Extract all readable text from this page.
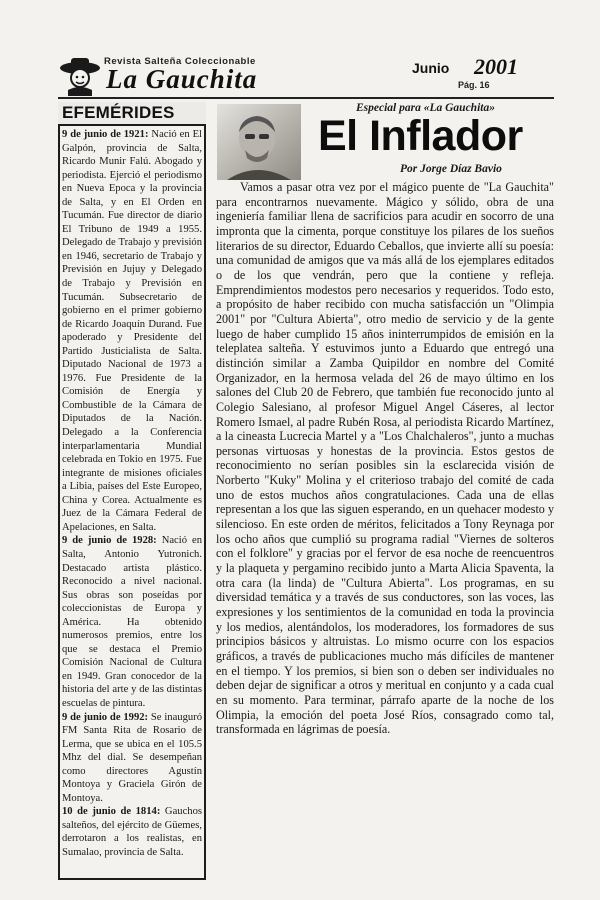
Revista Salteña Coleccionable
La Gauchita	Junio 2001
Pág. 16
EFEMÉRIDES

9 de junio de 1921: Nació en El Galpón, provincia de Salta, Ricardo Munir Falú. Abogado y periodista. Ejerció el periodismo en Nueva Epoca y la provincia de Salta, y en El Orden en Tucumán. Fue director de diario El Tribuno de 1949 a 1955. Delegado de Trabajo y previsión en 1946, secretario de Trabajo y Previsión en Jujuy y Delegado de Trabajo y Previsión en Tucumán. Subsecretario de gobierno en el primer gobierno de Ricardo Joaquín Durand. Fue apoderado y Presidente del Partido Justicialista de Salta. Diputado Nacional de 1973 a 1976. Fue Presidente de la Comisión de Energía y Combustible de la Cámara de Diputados de la Nación. Delegado a la Conferencia interparlamentaria Mundial celebrada en Tokio en 1975. Fue integrante de misiones oficiales a Libia, países del Este Europeo, China y Corea. Actualmente es Juez de la Cámara Federal de Apelaciones, en Salta.

9 de junio de 1928: Nació en Salta, Antonio Yutronich. Destacado artista plástico. Reconocido a nivel nacional. Sus obras son poseídas por coleccionistas de Europa y América. Ha obtenido numerosos premios, entre los que se destaca el Premio Comisión Nacional de Cultura en 1949. Gran conocedor de la historia del arte y de las distintas escuelas de pintura.

9 de junio de 1992: Se inauguró FM Santa Rita de Rosario de Lerma, que se ubica en el 105.5 Mhz del dial. Se desempeñan como directores Agustín Montoya y Graciela Girón de Montoya.

10 de junio de 1814: Gauchos salteños, del ejército de Güemes, derrotaron a los realistas, en Sumalao, provincia de Salta.

Especial para «La Gauchita»
El Inflador
Por Jorge Díaz Bavio

Vamos a pasar otra vez por el mágico puente de "La Gauchita" para encontrarnos nuevamente. Mágico y sólido, obra de una ingeniería familiar llena de sacrificios para acudir en socorro de una impronta que la cimenta, porque constituye los pilares de los sueños literarios de su director, Eduardo Ceballos, que invierte allí su poesía: una comunidad de amigos que va más allá de los ejemplares editados o de los que vendrán, pero que la contiene y refleja. Emprendimientos modestos pero necesarios y requeridos. Todo esto, a propósito de haber recibido con mucha satisfacción un "Olimpia 2001" por "Cultura Abierta", otro medio de servicio y de la gente luego de haber cumplido 15 años ininterrumpidos de emisión en la teleplatea salteña. Y estuvimos junto a Eduardo que entregó una distinción similar a Zamba Quipildor en nombre del Comité Organizador, en la hermosa velada del 26 de mayo último en los salones del Club 20 de Febrero, que también fue reconocido junto al Colegio Salesiano, al profesor Miguel Angel Cáseres, al lector Romero Ismael, al padre Rubén Rosa, al periodista Ricardo Martínez, a la cineasta Lucrecia Martel y a "Los Chalchaleros", junto a muchas personas virtuosas y honestas de la provincia. Estos gestos de reconocimiento no serían posibles sin la esclarecida visión de Norberto "Kuky" Molina y el criterioso trabajo del comité de cada uno de estos muchos años congratulaciones. Cada una de ellas representan a los que las siguen esperando, en un quehacer modesto y silencioso. En este orden de méritos, felicitados a Tony Reynaga por los ocho años que cumplió su programa radial "Viernes de solteros con el folklore" y gracias por el fervor de esa noche de reencuentros y la plaqueta y pergamino recibido junto a Marta Alicia Spaventa, la otra cara (la linda) de "Cultura Abierta". Los programas, en su diversidad temática y a través de sus conductores, son las voces, las expresiones y los sentimientos de la comunidad en toda la provincia y los medios, alentándolos, los moderadores, los formadores de sus principios básicos y altruistas. Lo mismo ocurre con los espacios gráficos, a través de publicaciones mucho más difíciles de mantener en el tiempo. Y los premios, si bien son o deben ser individuales no deben dejar de significar a otros y meritual en conjunto y a cada cual en su momento. Para terminar, párrafo aparte de la noche de los Olimpia, la emoción del poeta José Ríos, consagrado como tal, transformada en lágrimas de poesía.
